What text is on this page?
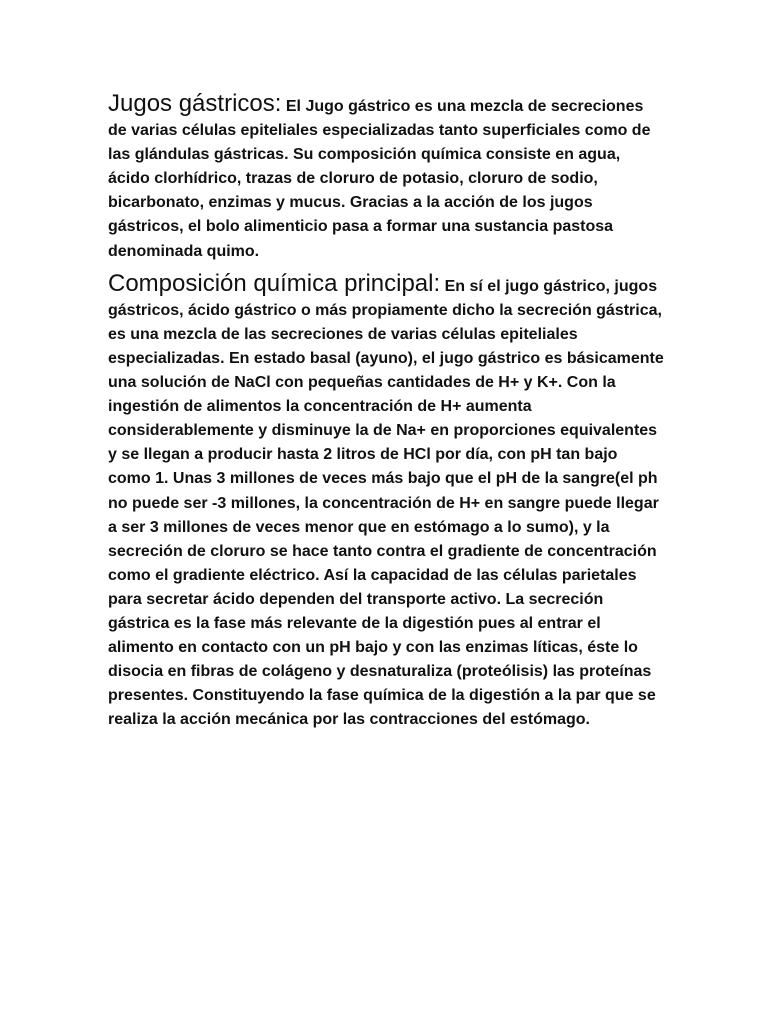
Jugos gástricos: El Jugo gástrico es una mezcla de secreciones de varias células epiteliales especializadas tanto superficiales como de las glándulas gástricas. Su composición química consiste en agua, ácido clorhídrico, trazas de cloruro de potasio, cloruro de sodio, bicarbonato, enzimas y mucus. Gracias a la acción de los jugos gástricos, el bolo alimenticio pasa a formar una sustancia pastosa denominada quimo.

Composición química principal: En sí el jugo gástrico, jugos gástricos, ácido gástrico o más propiamente dicho la secreción gástrica, es una mezcla de las secreciones de varias células epiteliales especializadas. En estado basal (ayuno), el jugo gástrico es básicamente una solución de NaCl con pequeñas cantidades de H+ y K+. Con la ingestión de alimentos la concentración de H+ aumenta considerablemente y disminuye la de Na+ en proporciones equivalentes y se llegan a producir hasta 2 litros de HCl por día, con pH tan bajo como 1. Unas 3 millones de veces más bajo que el pH de la sangre(el ph no puede ser -3 millones, la concentración de H+ en sangre puede llegar a ser 3 millones de veces menor que en estómago a lo sumo), y la secreción de cloruro se hace tanto contra el gradiente de concentración como el gradiente eléctrico. Así la capacidad de las células parietales para secretar ácido dependen del transporte activo. La secreción gástrica es la fase más relevante de la digestión pues al entrar el alimento en contacto con un pH bajo y con las enzimas líticas, éste lo disocia en fibras de colágeno y desnaturaliza (proteólisis) las proteínas presentes. Constituyendo la fase química de la digestión a la par que se realiza la acción mecánica por las contracciones del estómago.
